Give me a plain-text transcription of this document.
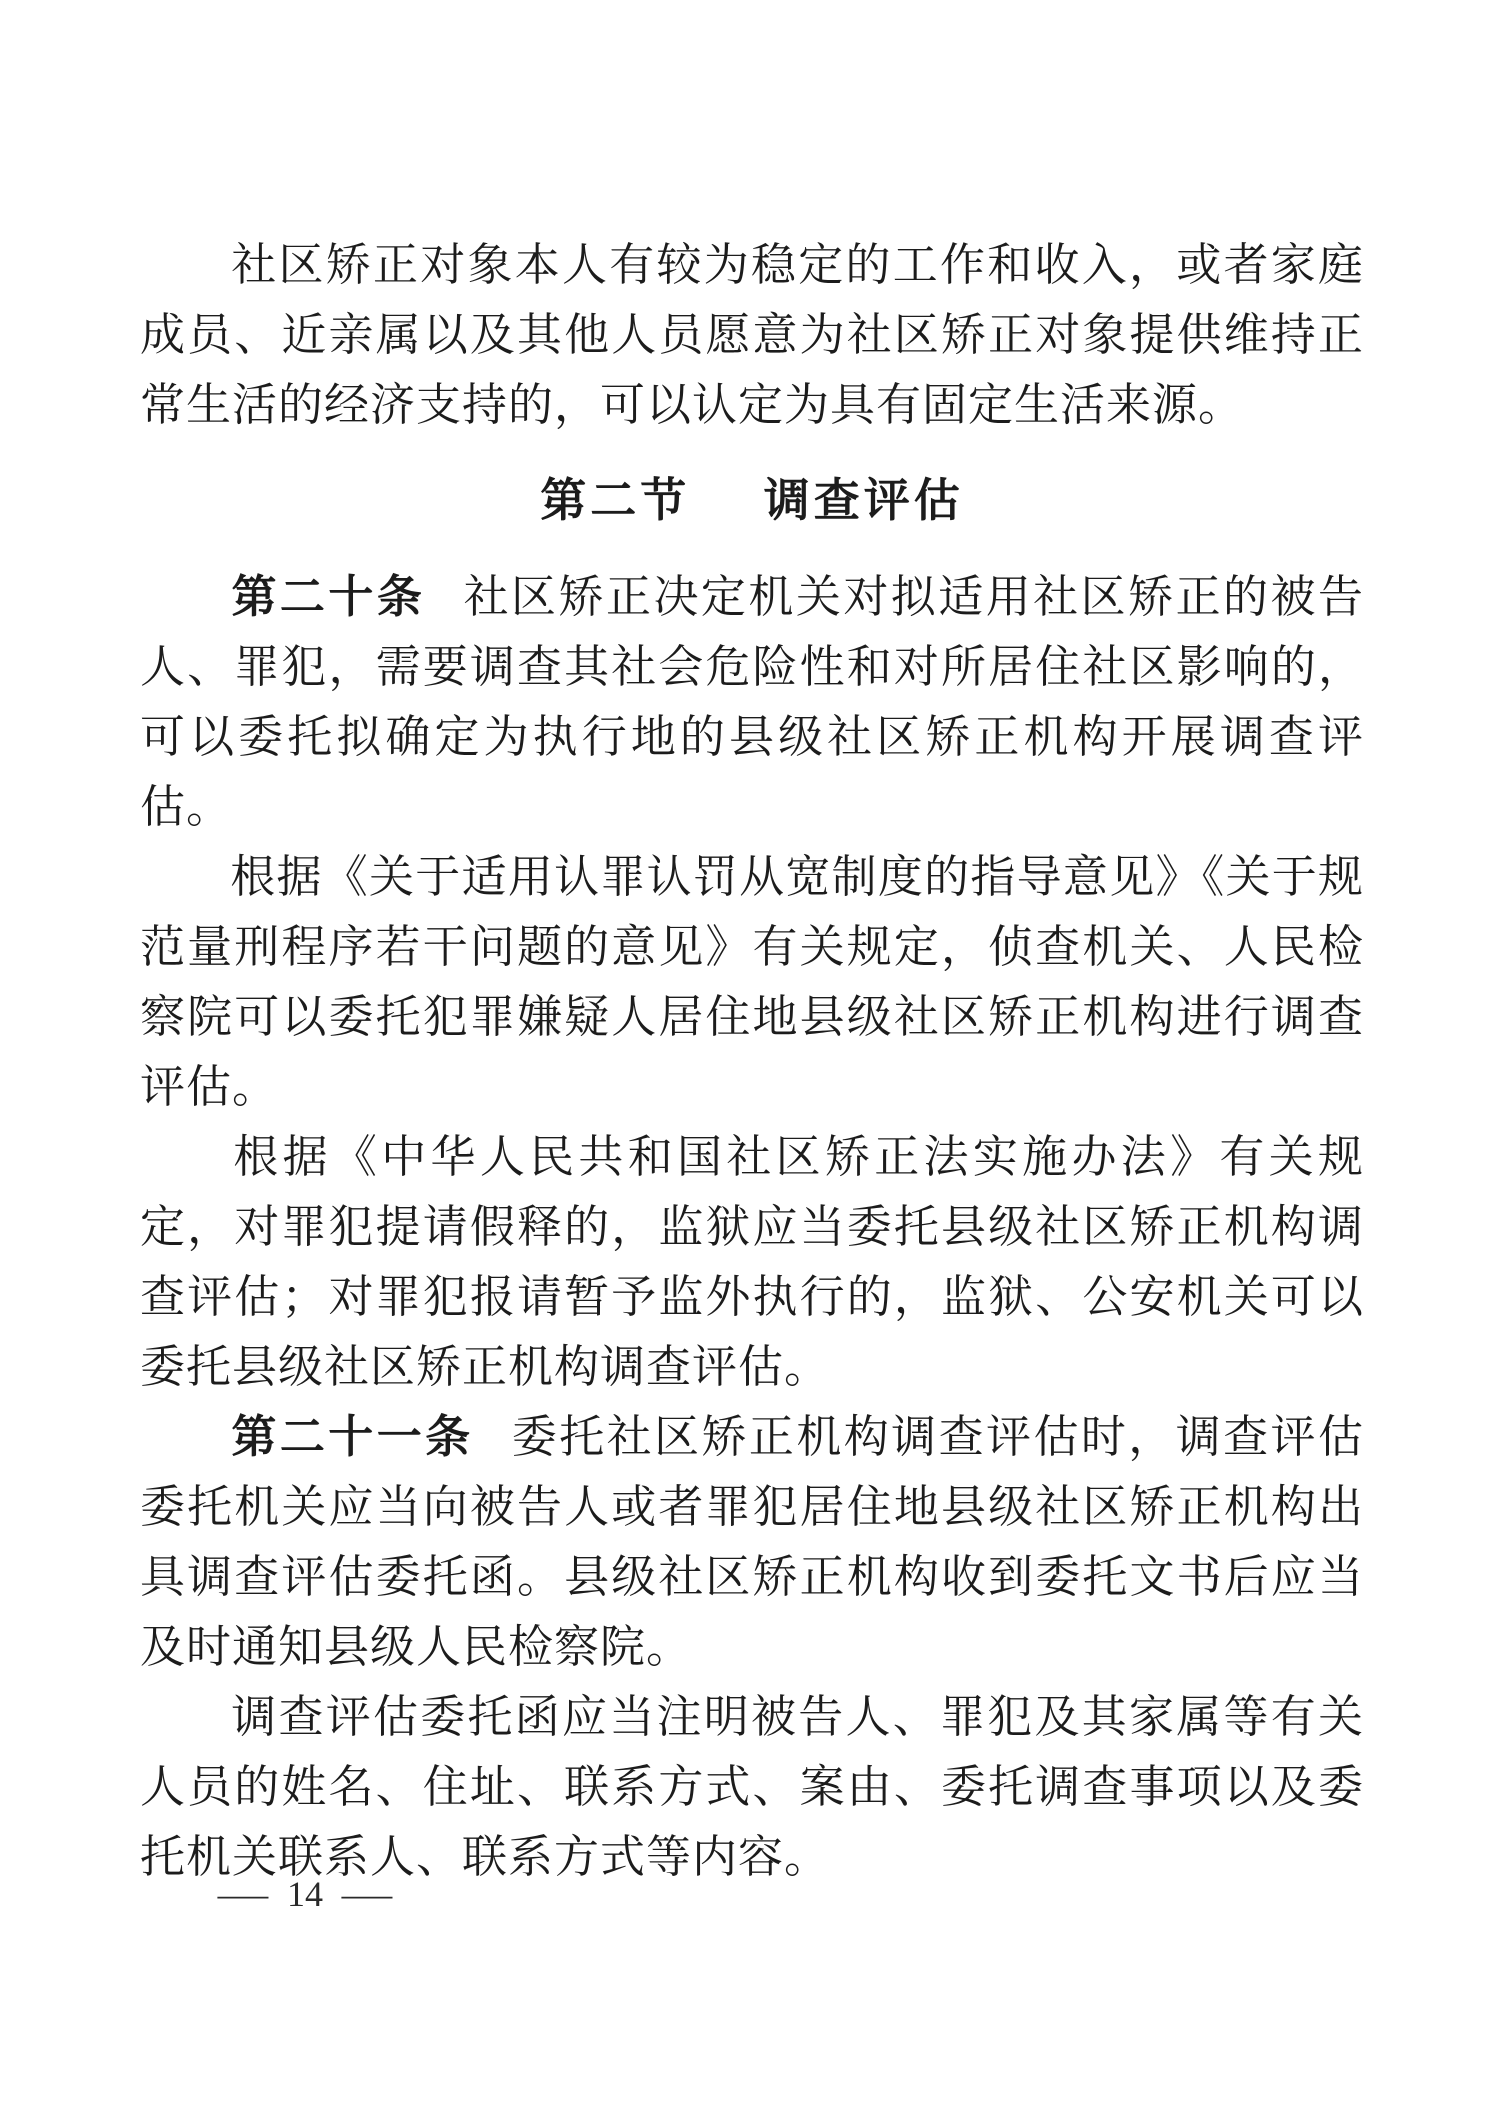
社区矫正对象本人有较为稳定的工作和收入，或者家庭成员、近亲属以及其他人员愿意为社区矫正对象提供维持正常生活的经济支持的，可以认定为具有固定生活来源。

第二节 调查评估

第二十条 社区矫正决定机关对拟适用社区矫正的被告人、罪犯，需要调查其社会危险性和对所居住社区影响的，可以委托拟确定为执行地的县级社区矫正机构开展调查评估。

根据《关于适用认罪认罚从宽制度的指导意见》《关于规范量刑程序若干问题的意见》有关规定，侦查机关、人民检察院可以委托犯罪嫌疑人居住地县级社区矫正机构进行调查评估。

根据《中华人民共和国社区矫正法实施办法》有关规定，对罪犯提请假释的，监狱应当委托县级社区矫正机构调查评估；对罪犯报请暂予监外执行的，监狱、公安机关可以委托县级社区矫正机构调查评估。

第二十一条 委托社区矫正机构调查评估时，调查评估委托机关应当向被告人或者罪犯居住地县级社区矫正机构出具调查评估委托函。县级社区矫正机构收到委托文书后应当及时通知县级人民检察院。

调查评估委托函应当注明被告人、罪犯及其家属等有关人员的姓名、住址、联系方式、案由、委托调查事项以及委托机关联系人、联系方式等内容。

— 14 —
